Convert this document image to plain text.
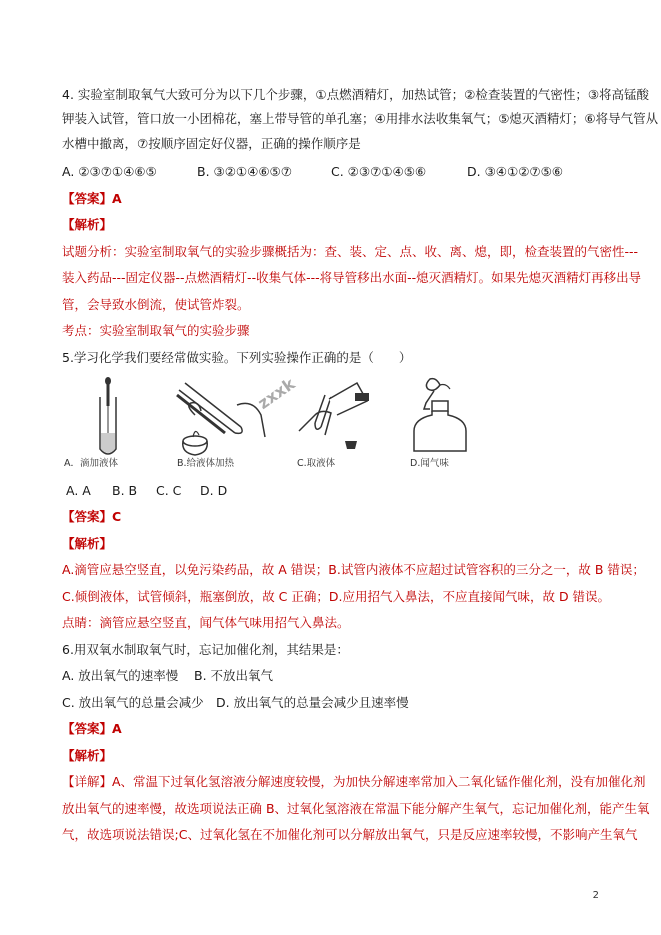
4. 实验室制取氧气大致可分为以下几个步骤，①点燃酒精灯，加热试管；②检查装置的气密性；③将高锰酸
钾装入试管，管口放一小团棉花，塞上带导管的单孔塞；④用排水法收集氧气；⑤熄灭酒精灯；⑥将导气管从
水槽中撤离，⑦按顺序固定好仪器，正确的操作顺序是
A. ②③⑦①④⑥⑤	B. ③②①④⑥⑤⑦	C. ②③⑦①④⑤⑥	D. ③④①②⑦⑤⑥
【答案】A
【解析】
试题分析：实验室制取氧气的实验步骤概括为：查、装、定、点、收、离、熄，即，检查装置的气密性---
装入药品---固定仪器--点燃酒精灯--收集气体---将导管移出水面--熄灭酒精灯。如果先熄灭酒精灯再移出导
管，会导致水倒流，使试管炸裂。
考点：实验室制取氧气的实验步骤
5.学习化学我们要经常做实验。下列实验操作正确的是（　　）
A．滴加液体	B.给液体加热
zxxk
C.取液体	D.闻气味
A. A B. B C. C D. D
【答案】C
【解析】
A.滴管应悬空竖直，以免污染药品，故 A 错误；B.试管内液体不应超过试管容积的三分之一，故 B 错误；
C.倾倒液体，试管倾斜，瓶塞倒放，故 C 正确；D.应用招气入鼻法，不应直接闻气味，故 D 错误。
点睛：滴管应悬空竖直，闻气体气味用招气入鼻法。
6.用双氧水制取氧气时，忘记加催化剂，其结果是：
A. 放出氧气的速率慢 B. 不放出氧气
C. 放出氧气的总量会减少 D. 放出氧气的总量会减少且速率慢
【答案】A
【解析】
【详解】A、常温下过氧化氢溶液分解速度较慢，为加快分解速率常加入二氧化锰作催化剂，没有加催化剂
放出氧气的速率慢，故选项说法正确 B、过氧化氢溶液在常温下能分解产生氧气，忘记加催化剂，能产生氧
气，故选项说法错误;C、过氧化氢在不加催化剂可以分解放出氧气，只是反应速率较慢，不影响产生氧气
2
